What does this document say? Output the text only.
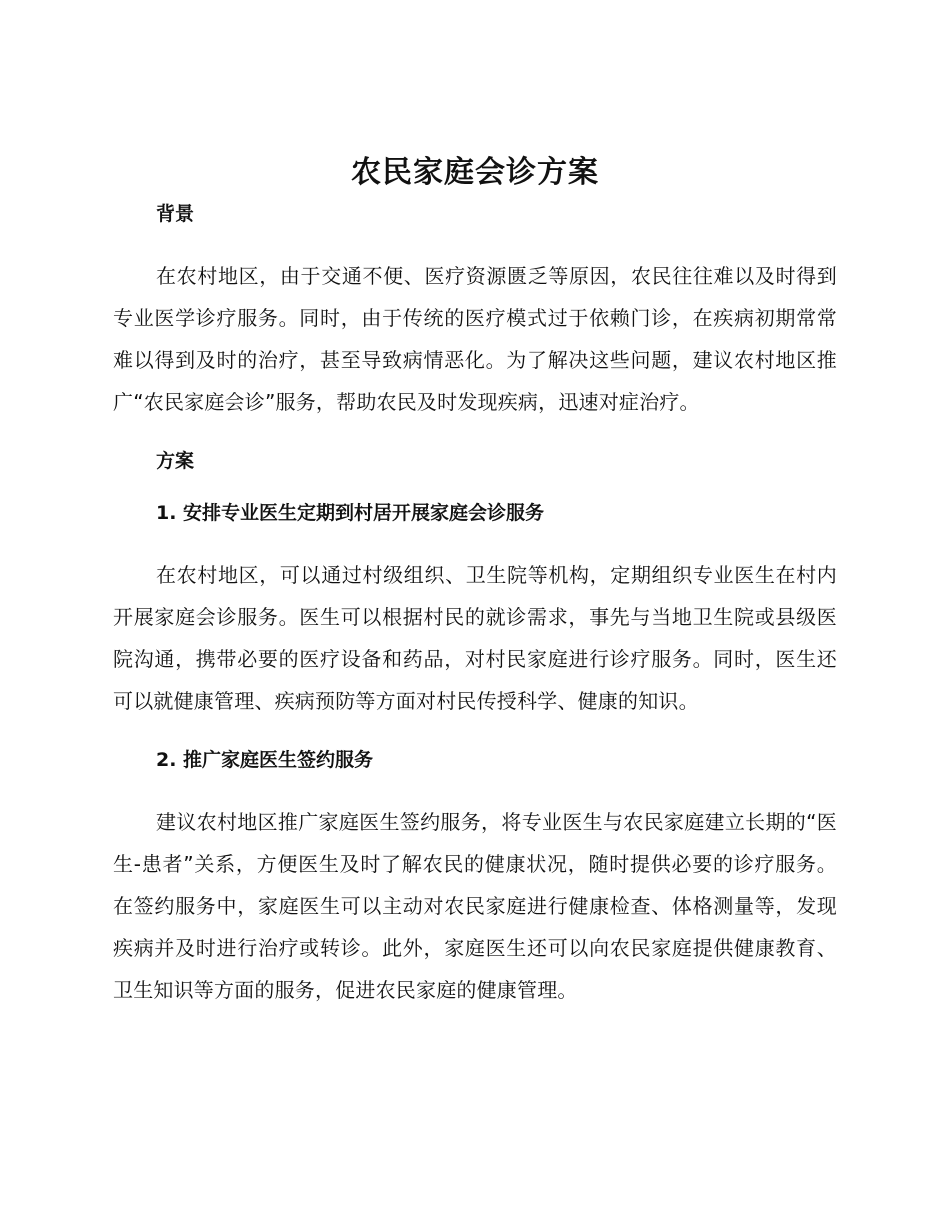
农民家庭会诊方案
背景

在农村地区，由于交通不便、医疗资源匮乏等原因，农民往往难以及时得到专业医学诊疗服务。同时，由于传统的医疗模式过于依赖门诊，在疾病初期常常难以得到及时的治疗，甚至导致病情恶化。为了解决这些问题，建议农村地区推广“农民家庭会诊”服务，帮助农民及时发现疾病，迅速对症治疗。

方案
1. 安排专业医生定期到村居开展家庭会诊服务

在农村地区，可以通过村级组织、卫生院等机构，定期组织专业医生在村内开展家庭会诊服务。医生可以根据村民的就诊需求，事先与当地卫生院或县级医院沟通，携带必要的医疗设备和药品，对村民家庭进行诊疗服务。同时，医生还可以就健康管理、疾病预防等方面对村民传授科学、健康的知识。

2. 推广家庭医生签约服务

建议农村地区推广家庭医生签约服务，将专业医生与农民家庭建立长期的“医生-患者”关系，方便医生及时了解农民的健康状况，随时提供必要的诊疗服务。在签约服务中，家庭医生可以主动对农民家庭进行健康检查、体格测量等，发现疾病并及时进行治疗或转诊。此外，家庭医生还可以向农民家庭提供健康教育、卫生知识等方面的服务，促进农民家庭的健康管理。
